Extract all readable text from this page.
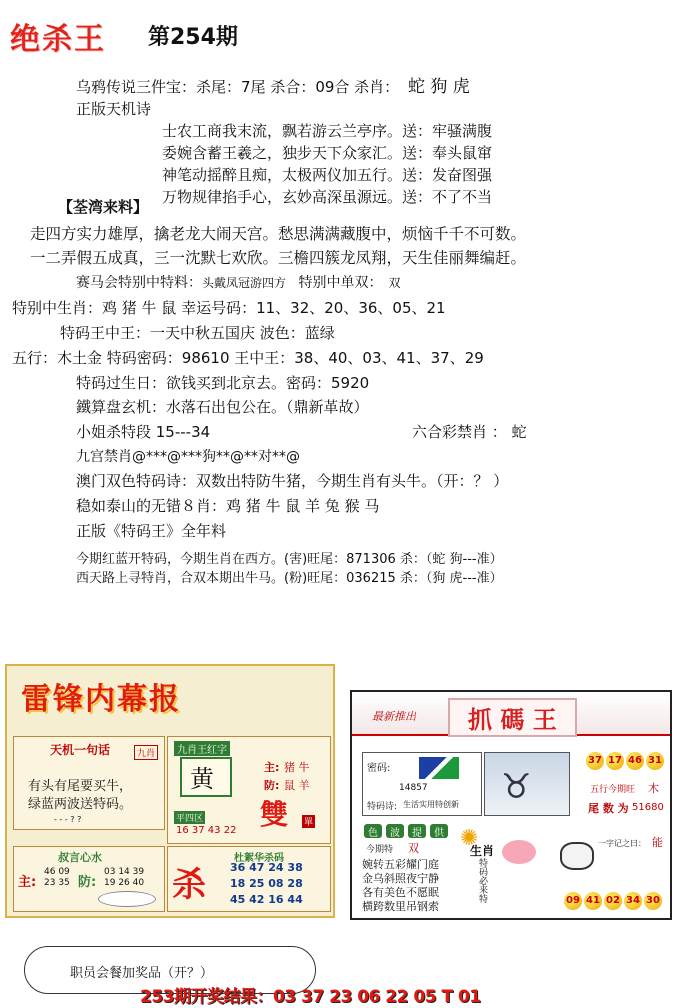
绝杀王 第254期
乌鸦传说三件宝：杀尾：7尾 杀合：09合 杀肖： 蛇 狗 虎
正版天机诗
士农工商我末流，飘若游云兰亭序。送：牢骚满腹
委婉含蓄王羲之，独步天下众家汇。送：奉头鼠窜
神笔动摇醉且痴，太极两仪加五行。送：发奋图强
万物规律掐手心，玄妙高深虽源远。送：不了不当
【荃湾来料】
走四方实力雄厚，擒老龙大闹天宫。愁思满满藏腹中，烦恼千千不可数。
一二弄假五成真，三一沈默七欢欣。三檐四簇龙凤翔，天生佳丽舞编赶。
赛马会特别中特料：头戴凤冠游四方 特别中单双： 双
特别中生肖：鸡 猪 牛 鼠 幸运号码：11、32、20、36、05、21
特码王中王：一天中秋五国庆 波色：蓝绿
五行：木土金 特码密码：98610 王中王：38、40、03、41、37、29
特码过生日：欲钱买到北京去。密码：5920
鐵算盘玄机：水落石出包公在。（鼎新革故）
小姐杀特段 15---34	六合彩禁肖 ： 蛇
九宫禁肖@***@***狗**@**对**@
澳门双色特码诗：双数出特防牛猪，今期生肖有头牛。（开：？ ）
稳如泰山的无错８肖：鸡 猪 牛 鼠 羊 兔 猴 马
正版《特码王》全年料
今期红蓝开特码，今期生肖在西方。(害)旺尾：871306 杀：（蛇 狗---准）
西天路上寻特肖，合双本期出牛马。(粉)旺尾：036215 杀：（狗 虎---准）
雷锋内幕报
天机一句话	九肖
有头有尾要买牛，
绿蓝两波送特码。
- - - ? ?
九肖王红字
黄	主: 猪 牛
防: 鼠 羊
雙 單
平四区
16 37 43 22
叔言心水
主:
46 09
23 35 防:
03 14 39
19 26 40 杀
杜絮华杀码
36 47 24 38
18 25 08 28
45 42 16 44
最新推出	抓 碼 王
密码:
14857
特码诗: 生活实用特创新 ♉
37 17 46 31
五行今期旺 木
尾 数 为 51680
色	波	提	供
今期特 双
婉转五彩耀门庭
金乌斜照夜宁静
各有美色不愿眠
横跨数里吊钢索
✺
生肖
特码必来特
一字记之曰： 能
09 41 02 34 30
职员会餐加奖品（开？）
253期开奖结果：03 37 23 06 22 05 T 01
